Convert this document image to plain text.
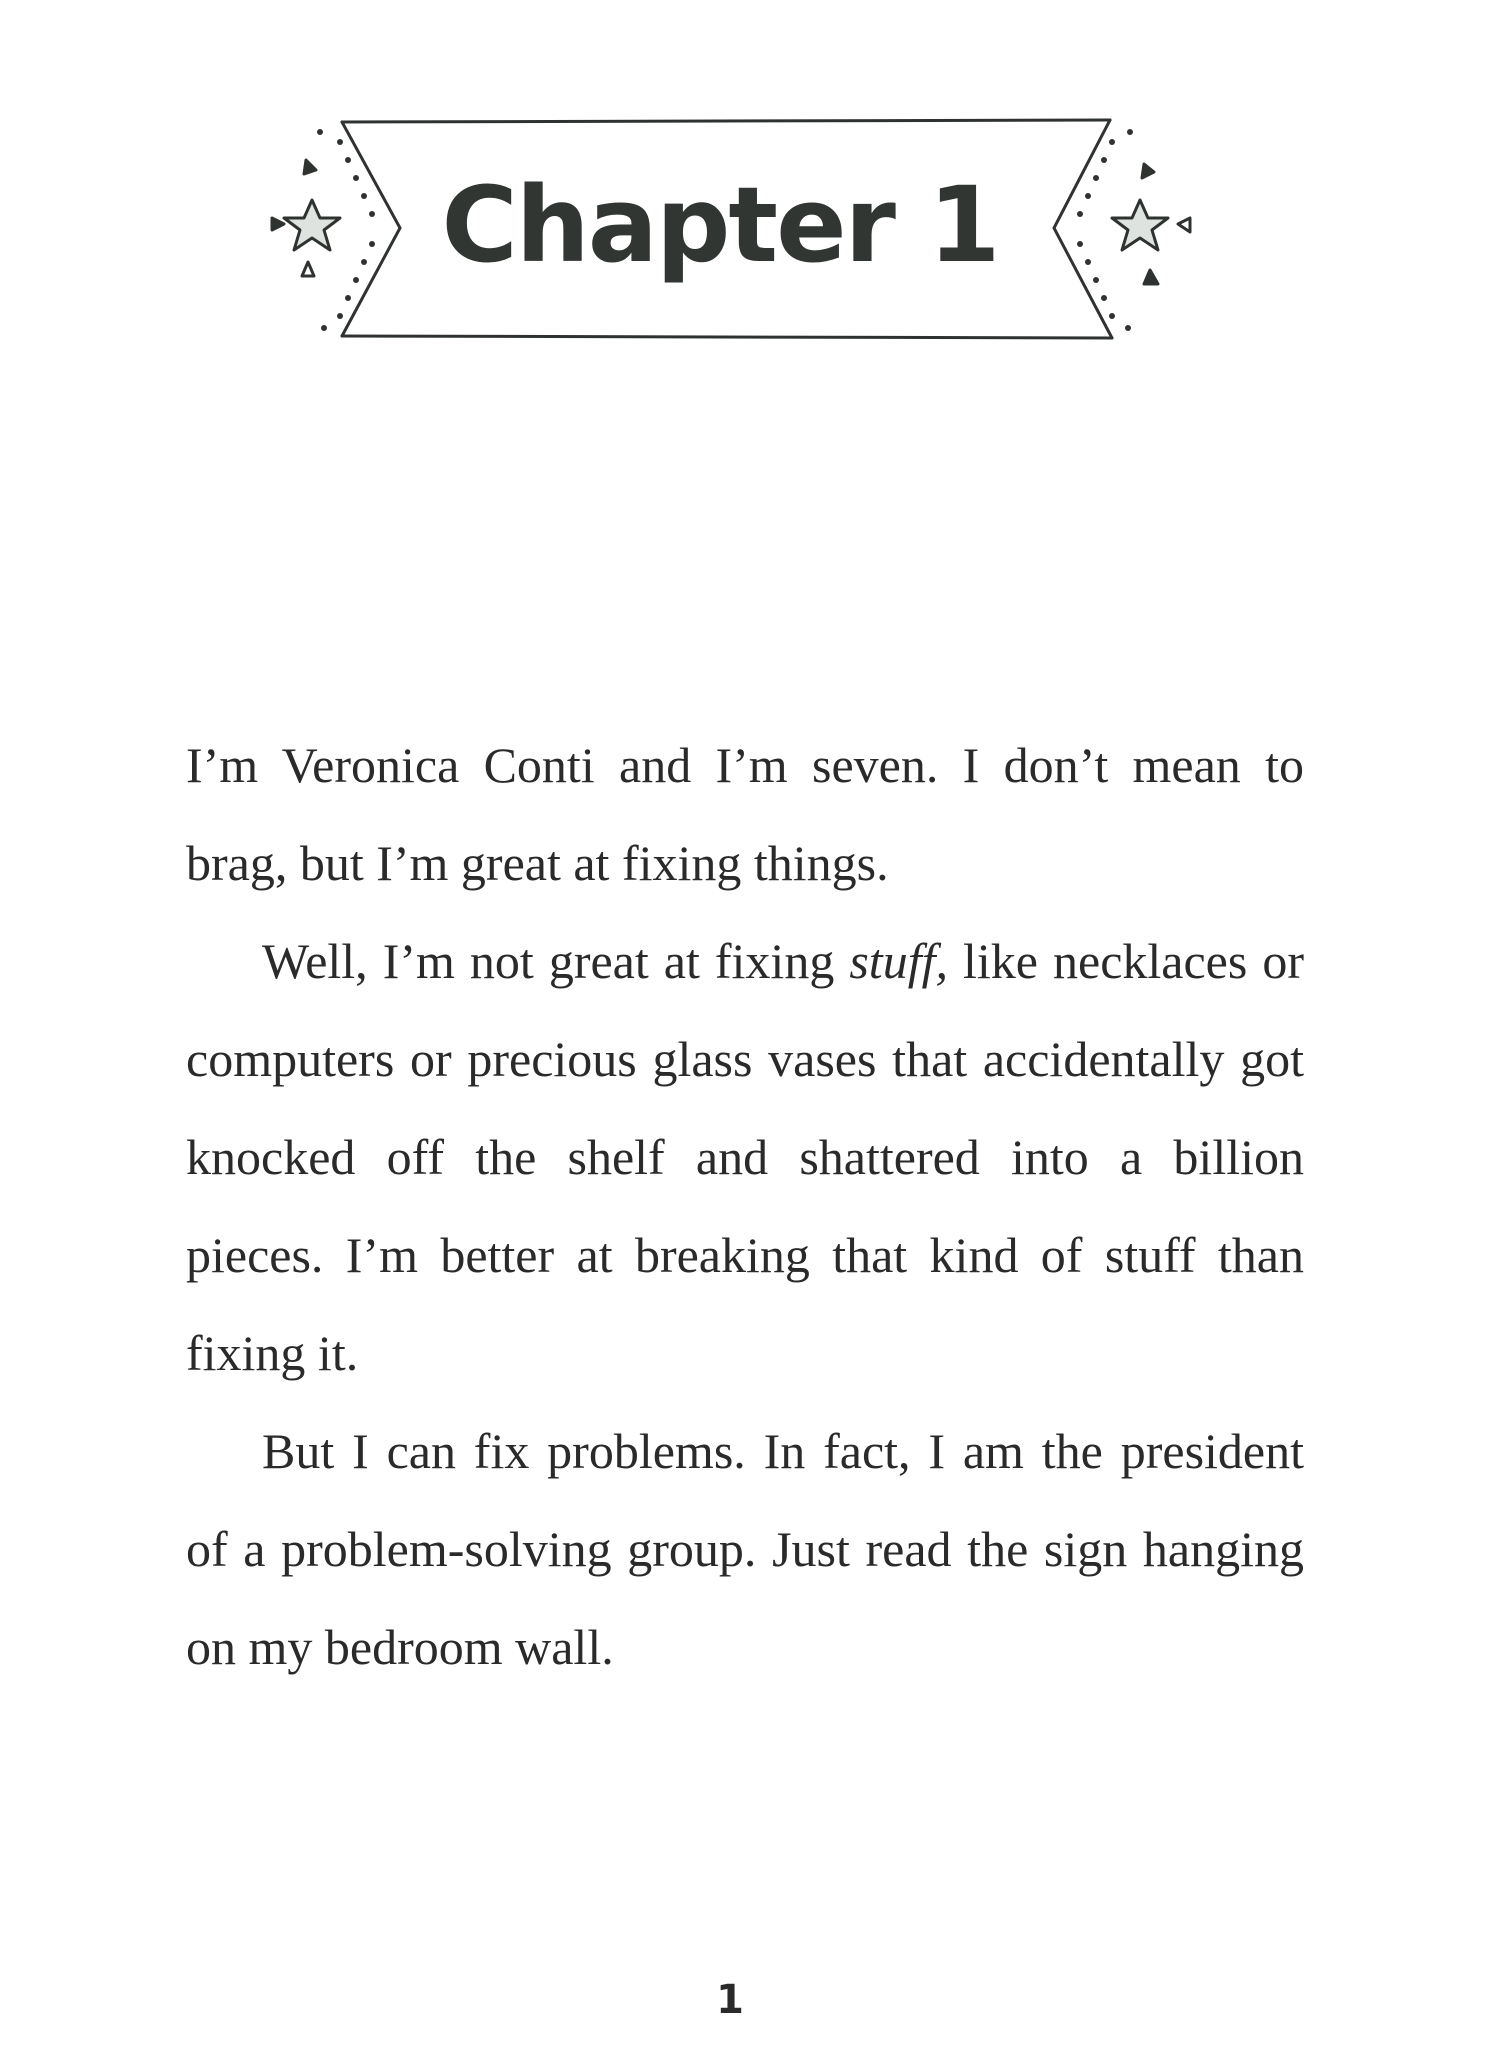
Chapter 1

I’m Veronica Conti and I’m seven. I don’t mean to brag, but I’m great at fixing things.

Well, I’m not great at fixing stuff, like necklaces or computers or precious glass vases that accidentally got knocked off the shelf and shattered into a billion pieces. I’m better at breaking that kind of stuff than fixing it.

But I can fix problems. In fact, I am the president of a problem-solving group. Just read the sign hanging on my bedroom wall.

1
